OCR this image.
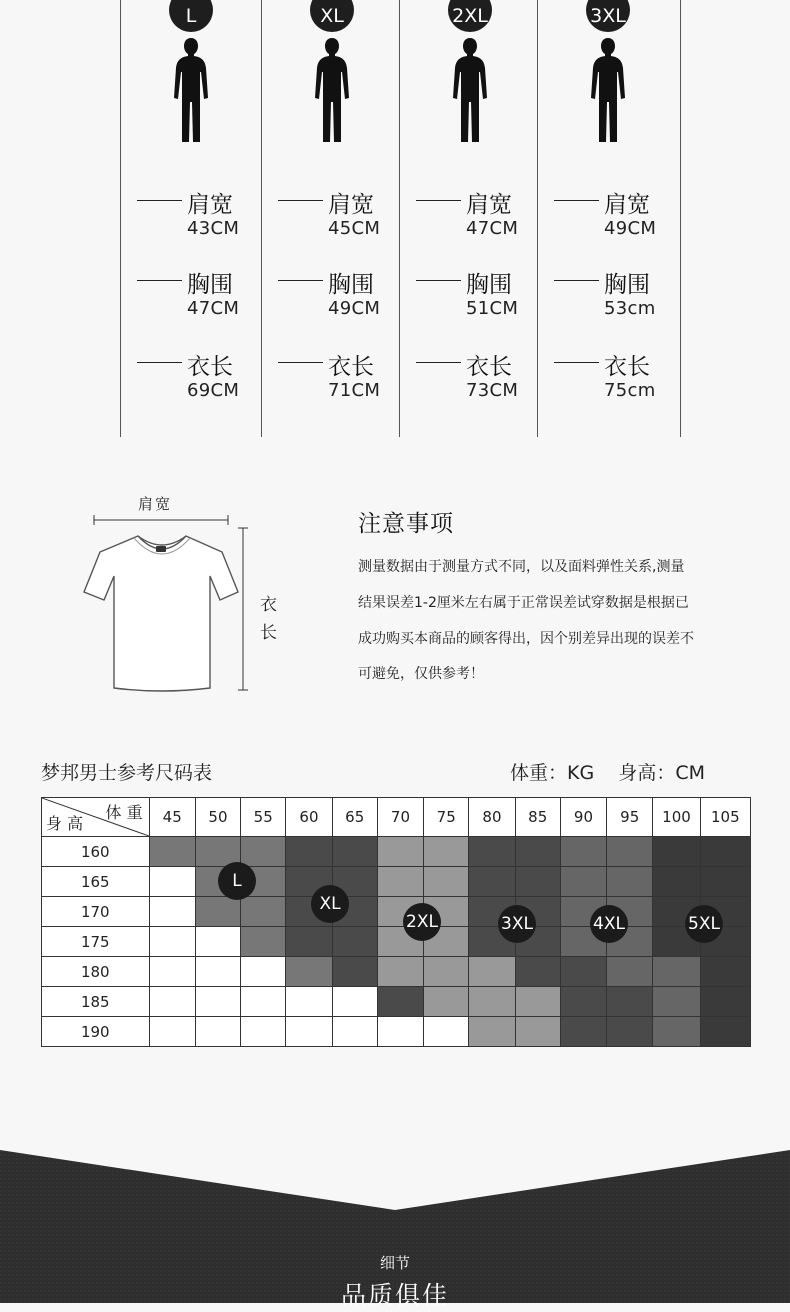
L
肩宽
43CM
胸围
47CM
衣长
69CM
XL
肩宽
45CM
胸围
49CM
衣长
71CM
2XL
肩宽
47CM
胸围
51CM
衣长
73CM
3XL
肩宽
49CM
胸围
53cm
衣长
75cm
肩宽
衣
长
注意事项
测量数据由于测量方式不同，以及面料弹性关系,测量
结果误差1-2厘米左右属于正常误差试穿数据是根据已
成功购买本商品的顾客得出，因个别差异出现的误差不
可避免，仅供参考！
梦邦男士参考尺码表	体重：KG    身高：CM
体 重
身 高	45	50	55	60	65	70	75	80	85	90	95	100	105
160													
165													
170													
175													
180													
185													
190													
L
XL
2XL	3XL	4XL	5XL
细节
品质俱佳
